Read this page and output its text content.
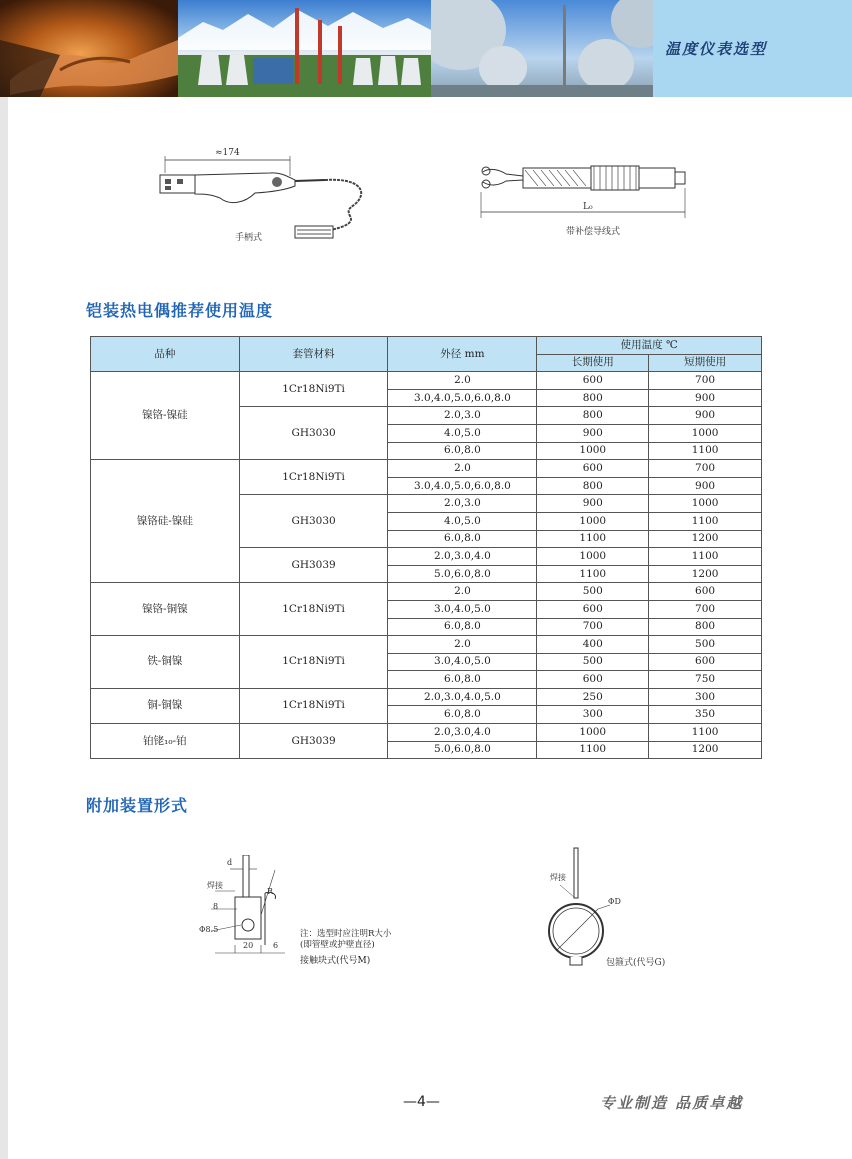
温度仪表选型
≈174
手柄式
L₀
带补偿导线式
铠装热电偶推荐使用温度
品种	套管材料	外径 mm	使用温度 ℃	
			长期使用	短期使用
镍铬-镍硅	1Cr18Ni9Ti	2.0	600	700
		3.0,4.0,5.0,6.0,8.0	800	900
	GH3030	2.0,3.0	800	900
		4.0,5.0	900	1000
		6.0,8.0	1000	1100
镍铬硅-镍硅	1Cr18Ni9Ti	2.0	600	700
		3.0,4.0,5.0,6.0,8.0	800	900
	GH3030	2.0,3.0	900	1000
		4.0,5.0	1000	1100
		6.0,8.0	1100	1200
	GH3039	2.0,3.0,4.0	1000	1100
		5.0,6.0,8.0	1100	1200
镍铬-铜镍	1Cr18Ni9Ti	2.0	500	600
		3.0,4.0,5.0	600	700
		6.0,8.0	700	800
铁-铜镍	1Cr18Ni9Ti	2.0	400	500
		3.0,4.0,5.0	500	600
		6.0,8.0	600	750
铜-铜镍	1Cr18Ni9Ti	2.0,3.0,4.0,5.0	250	300
		6.0,8.0	300	350
铂铑₁₀-铂	GH3039	2.0,3.0,4.0	1000	1100
		5.0,6.0,8.0	1100	1200
附加装置形式
d
焊接
8
Φ8.5
R
20 6
注：选型时应注明R大小
(即管壁或护壁直径)
接触块式(代号M)
焊接
ΦD
包箍式(代号G)
—4—	专业制造 品质卓越
